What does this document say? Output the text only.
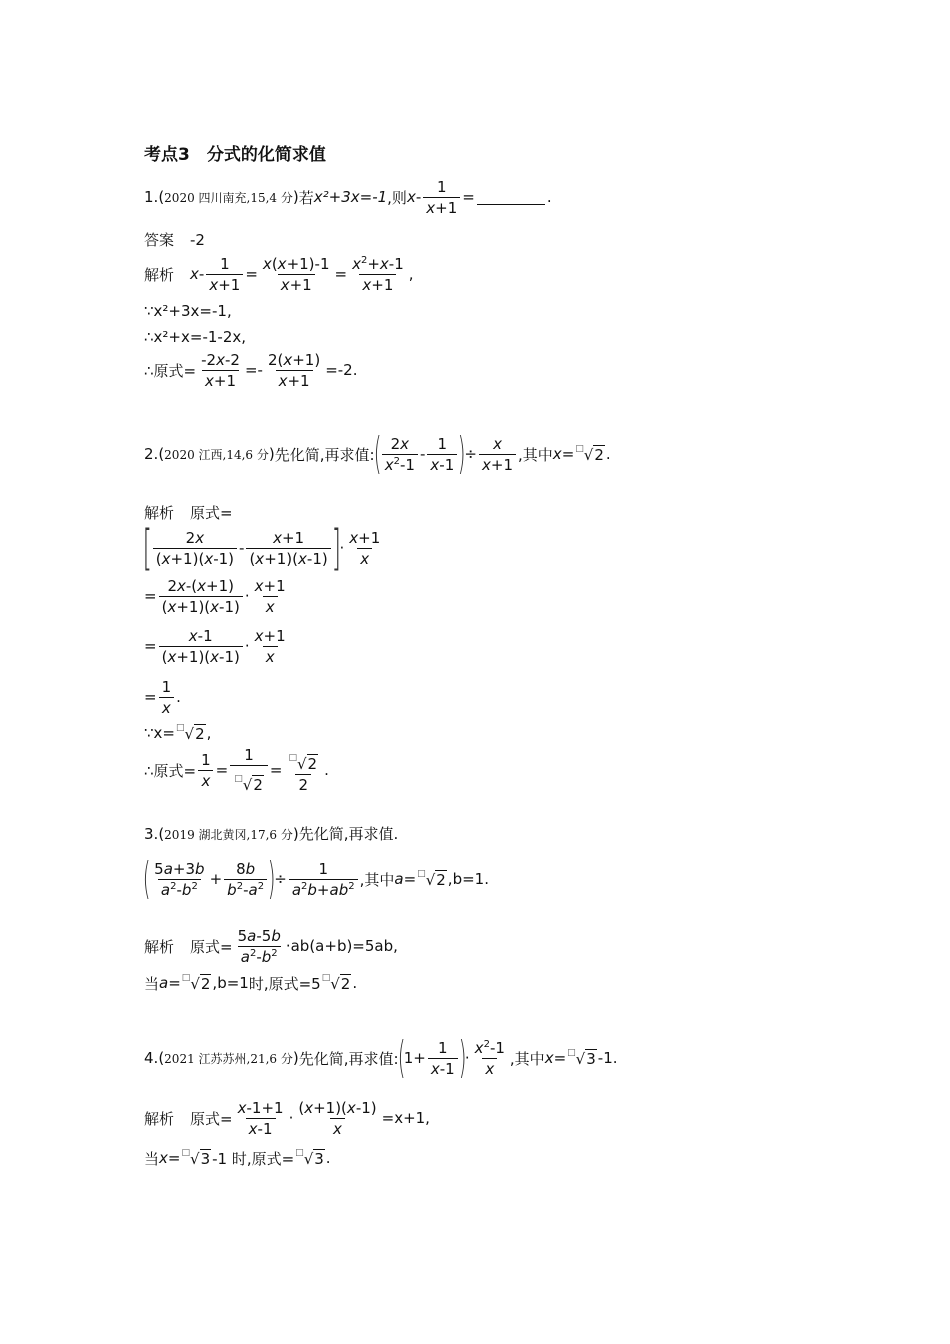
考点3　分式的化简求值
1. ( 2020 四川南充,15,4 分 ) 若 x²+3x=-1 ,则 x -
1
x+1
=	.
答案 -2
解析 x -
1
x+1
=
x(x+1)-1
x+1
=
$x^2+x-1$
x+1
,
∵x²+3x=-1,
∴x²+x=-1-2x,
∴原式= $\frac{-2x-2}{x+1} =- \frac{2(x+1)}{x+1} =-2$.
2. ( 2020 江西,14,6 分 ) 先化简,再求值:
( 2x
$x^2-1$
-
1
x-1 )
÷
x
x+1
,其中 x = □ √ 2 .
解析 原式=
[ 2x
(x+1)(x-1)
-
x+1
(x+1)(x-1) ]
·
x+1
x
=
2x-(x+1)
(x+1)(x-1)
·
x+1
x
=
x-1
(x+1)(x-1)
·
x+1
x
=
1
x
.
∵x= □ √ 2 ,
∴原式= $\frac{1}{x}$ =
1
□ √ 2
=
□ √ 2
2
.
3.(2019 湖北黄冈,17,6 分)先化简,再求值.
( 5a+3b
$a^2-b^2$ +
8b
$b^2-a^2$ )
÷
1
$a^2b+ab^2$ ,其中 a = □ √ 2 ,b=1.
解析 原式= $\frac{5a-5b}{a^2-b^2} \cdot ab(a+b)=5ab$,
当 a = □ √ 2 ,b=1 时,原式=5 □ √ 2 .
4. ( 2021 江苏苏州,21,6 分 ) 先化简,再求值:
(
1+
1
x-1 )
·
$x^2-1$
x
,其中 x = □ √ 3 -1.
解析 原式= $\frac{x-1+1}{x-1} \cdot \frac{(x+1)(x-1)}{x} =x+1$,
当 x = □ √ 3 -1 时,原式= □ √ 3 .
